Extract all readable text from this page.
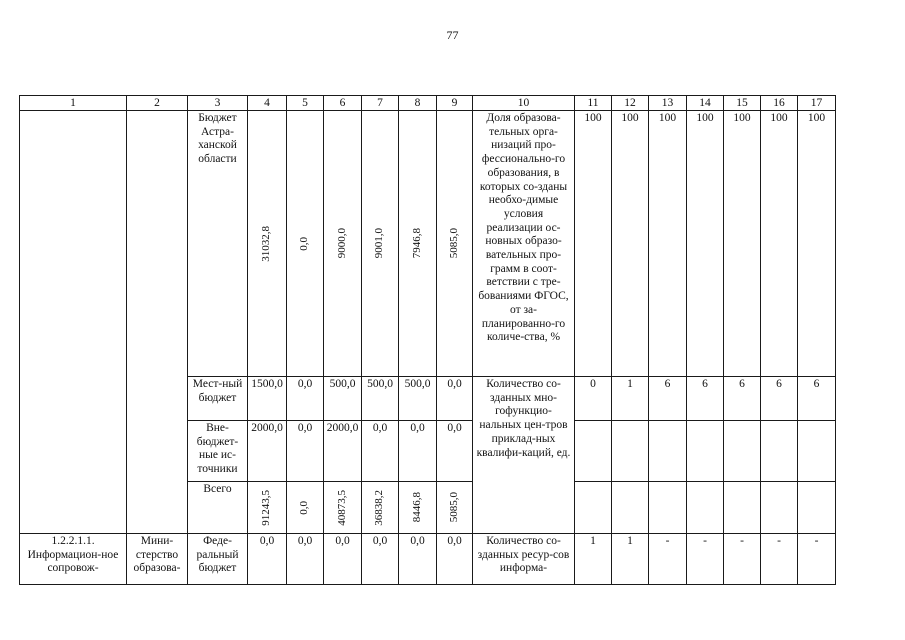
77
1	2	3	4	5	6	7	8	9	10	11	12	13	14	15	16	17
		Бюджет Астра-ханской области	31032,8	0,0	9000,0	9001,0	7946,8	5085,0	Доля образова-тельных орга-низаций про-фессионально-го образования, в которых со-зданы необхо-димые условия реализации ос-новных образо-вательных про-грамм в соот-ветствии с тре-бованиями ФГОС, от за-планированно-го количе-ства, %	100	100	100	100	100	100	100
		Мест-ный бюджет	1500,0	0,0	500,0	500,0	500,0	0,0	Количество со-зданных мно-гофункцио-нальных цен-тров приклад-ных квалифи-каций, ед.	0	1	6	6	6	6	6
		Вне-бюджет-ные ис-точники	2000,0	0,0	2000,0	0,0	0,0	0,0								
		Всего	91243,5	0,0	40873,5	36838,2	8446,8	5085,0								

1.2.2.1.1. Информацион-ное сопровож-	Мини-стерство образова-	Феде-ральный бюджет	0,0	0,0	0,0	0,0	0,0	0,0	Количество со-зданных ресур-сов информа-	1	1	-	-	-	-	-
